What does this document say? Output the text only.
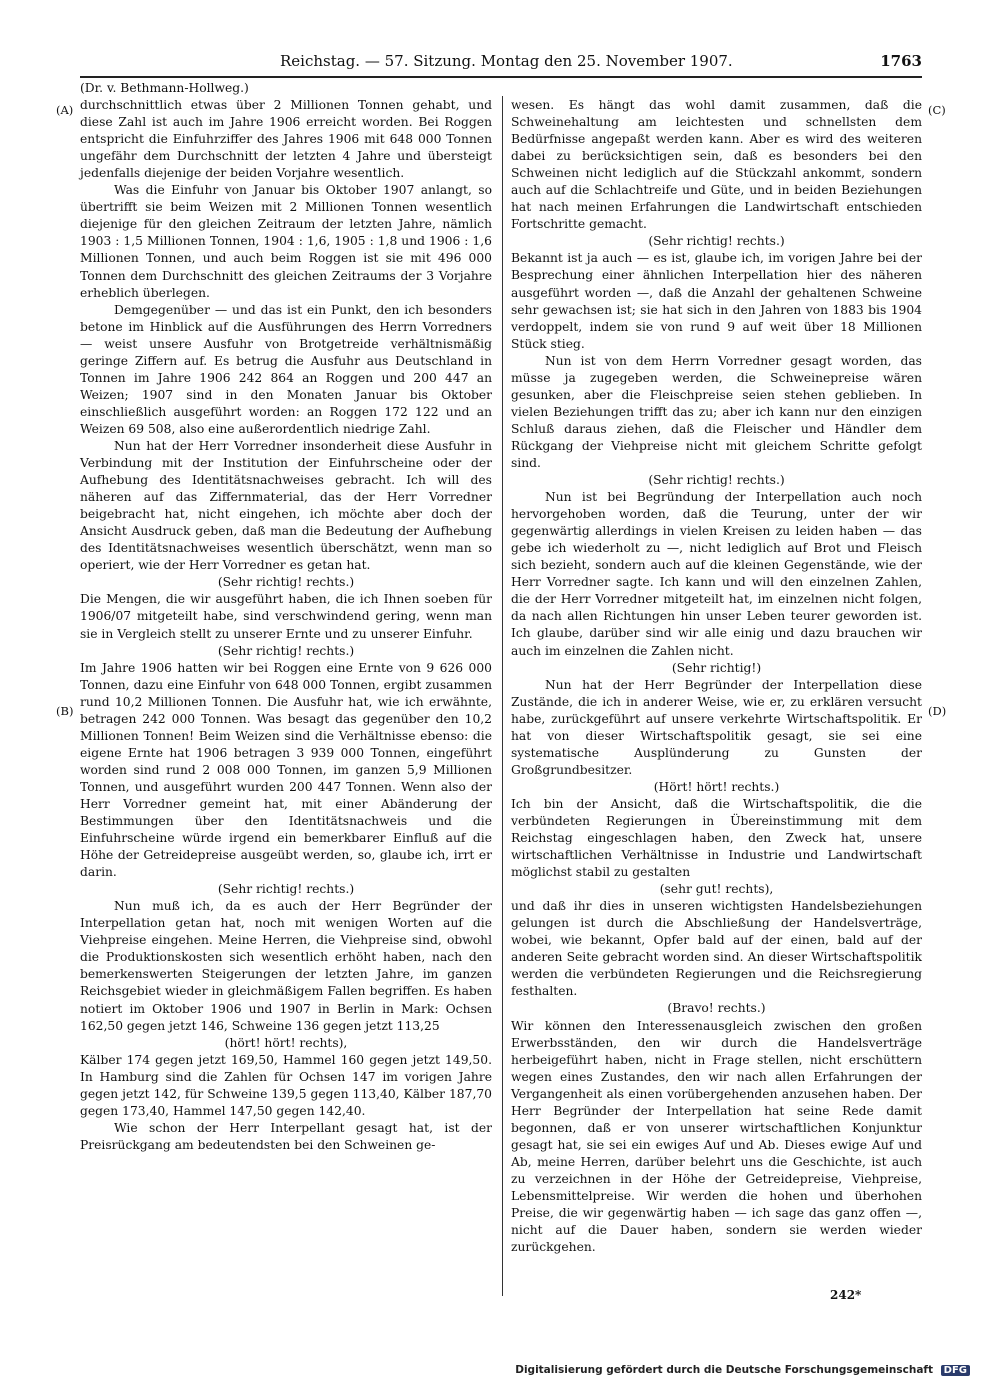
Reichstag. — 57. Sitzung. Montag den 25. November 1907.	1763
(A)
(B)
(C)
(D)

(Dr. v. Bethmann-Hollweg.)

durchschnittlich etwas über 2 Millionen Tonnen gehabt, und diese Zahl ist auch im Jahre 1906 erreicht worden. Bei Roggen entspricht die Einfuhrziffer des Jahres 1906 mit 648 000 Tonnen ungefähr dem Durchschnitt der letzten 4 Jahre und übersteigt jedenfalls diejenige der beiden Vorjahre wesentlich.

Was die Einfuhr von Januar bis Oktober 1907 anlangt, so übertrifft sie beim Weizen mit 2 Millionen Tonnen wesentlich diejenige für den gleichen Zeitraum der letzten Jahre, nämlich 1903 : 1,5 Millionen Tonnen, 1904 : 1,6, 1905 : 1,8 und 1906 : 1,6 Millionen Tonnen, und auch beim Roggen ist sie mit 496 000 Tonnen dem Durchschnitt des gleichen Zeitraums der 3 Vorjahre erheblich überlegen.

Demgegenüber — und das ist ein Punkt, den ich besonders betone im Hinblick auf die Ausführungen des Herrn Vorredners — weist unsere Ausfuhr von Brotgetreide verhältnismäßig geringe Ziffern auf. Es betrug die Ausfuhr aus Deutschland in Tonnen im Jahre 1906 242 864 an Roggen und 200 447 an Weizen; 1907 sind in den Monaten Januar bis Oktober einschließlich ausgeführt worden: an Roggen 172 122 und an Weizen 69 508, also eine außerordentlich niedrige Zahl.

Nun hat der Herr Vorredner insonderheit diese Ausfuhr in Verbindung mit der Institution der Einfuhrscheine oder der Aufhebung des Identitätsnachweises gebracht. Ich will des näheren auf das Ziffernmaterial, das der Herr Vorredner beigebracht hat, nicht eingehen, ich möchte aber doch der Ansicht Ausdruck geben, daß man die Bedeutung der Aufhebung des Identitätsnachweises wesentlich überschätzt, wenn man so operiert, wie der Herr Vorredner es getan hat.

(Sehr richtig! rechts.)

Die Mengen, die wir ausgeführt haben, die ich Ihnen soeben für 1906/07 mitgeteilt habe, sind verschwindend gering, wenn man sie in Vergleich stellt zu unserer Ernte und zu unserer Einfuhr.

(Sehr richtig! rechts.)

Im Jahre 1906 hatten wir bei Roggen eine Ernte von 9 626 000 Tonnen, dazu eine Einfuhr von 648 000 Tonnen, ergibt zusammen rund 10,2 Millionen Tonnen. Die Ausfuhr hat, wie ich erwähnte, betragen 242 000 Tonnen. Was besagt das gegenüber den 10,2 Millionen Tonnen! Beim Weizen sind die Verhältnisse ebenso: die eigene Ernte hat 1906 betragen 3 939 000 Tonnen, eingeführt worden sind rund 2 008 000 Tonnen, im ganzen 5,9 Millionen Tonnen, und ausgeführt wurden 200 447 Tonnen. Wenn also der Herr Vorredner gemeint hat, mit einer Abänderung der Bestimmungen über den Identitätsnachweis und die Einfuhrscheine würde irgend ein bemerkbarer Einfluß auf die Höhe der Getreidepreise ausgeübt werden, so, glaube ich, irrt er darin.

(Sehr richtig! rechts.)

Nun muß ich, da es auch der Herr Begründer der Interpellation getan hat, noch mit wenigen Worten auf die Viehpreise eingehen. Meine Herren, die Viehpreise sind, obwohl die Produktionskosten sich wesentlich erhöht haben, nach den bemerkenswerten Steigerungen der letzten Jahre, im ganzen Reichsgebiet wieder in gleichmäßigem Fallen begriffen. Es haben notiert im Oktober 1906 und 1907 in Berlin in Mark: Ochsen 162,50 gegen jetzt 146, Schweine 136 gegen jetzt 113,25

(hört! hört! rechts),

Kälber 174 gegen jetzt 169,50, Hammel 160 gegen jetzt 149,50. In Hamburg sind die Zahlen für Ochsen 147 im vorigen Jahre gegen jetzt 142, für Schweine 139,5 gegen 113,40, Kälber 187,70 gegen 173,40, Hammel 147,50 gegen 142,40.

Wie schon der Herr Interpellant gesagt hat, ist der Preisrückgang am bedeutendsten bei den Schweinen ge-

wesen. Es hängt das wohl damit zusammen, daß die Schweinehaltung am leichtesten und schnellsten dem Bedürfnisse angepaßt werden kann. Aber es wird des weiteren dabei zu berücksichtigen sein, daß es besonders bei den Schweinen nicht lediglich auf die Stückzahl ankommt, sondern auch auf die Schlachtreife und Güte, und in beiden Beziehungen hat nach meinen Erfahrungen die Landwirtschaft entschieden Fortschritte gemacht.

(Sehr richtig! rechts.)

Bekannt ist ja auch — es ist, glaube ich, im vorigen Jahre bei der Besprechung einer ähnlichen Interpellation hier des näheren ausgeführt worden —, daß die Anzahl der gehaltenen Schweine sehr gewachsen ist; sie hat sich in den Jahren von 1883 bis 1904 verdoppelt, indem sie von rund 9 auf weit über 18 Millionen Stück stieg.

Nun ist von dem Herrn Vorredner gesagt worden, das müsse ja zugegeben werden, die Schweinepreise wären gesunken, aber die Fleischpreise seien stehen geblieben. In vielen Beziehungen trifft das zu; aber ich kann nur den einzigen Schluß daraus ziehen, daß die Fleischer und Händler dem Rückgang der Viehpreise nicht mit gleichem Schritte gefolgt sind.

(Sehr richtig! rechts.)

Nun ist bei Begründung der Interpellation auch noch hervorgehoben worden, daß die Teurung, unter der wir gegenwärtig allerdings in vielen Kreisen zu leiden haben — das gebe ich wiederholt zu —, nicht lediglich auf Brot und Fleisch sich bezieht, sondern auch auf die kleinen Gegenstände, wie der Herr Vorredner sagte. Ich kann und will den einzelnen Zahlen, die der Herr Vorredner mitgeteilt hat, im einzelnen nicht folgen, da nach allen Richtungen hin unser Leben teurer geworden ist. Ich glaube, darüber sind wir alle einig und dazu brauchen wir auch im einzelnen die Zahlen nicht.

(Sehr richtig!)

Nun hat der Herr Begründer der Interpellation diese Zustände, die ich in anderer Weise, wie er, zu erklären versucht habe, zurückgeführt auf unsere verkehrte Wirtschaftspolitik. Er hat von dieser Wirtschaftspolitik gesagt, sie sei eine systematische Ausplünderung zu Gunsten der Großgrundbesitzer.

(Hört! hört! rechts.)

Ich bin der Ansicht, daß die Wirtschaftspolitik, die die verbündeten Regierungen in Übereinstimmung mit dem Reichstag eingeschlagen haben, den Zweck hat, unsere wirtschaftlichen Verhältnisse in Industrie und Landwirtschaft möglichst stabil zu gestalten

(sehr gut! rechts),

und daß ihr dies in unseren wichtigsten Handelsbeziehungen gelungen ist durch die Abschließung der Handelsverträge, wobei, wie bekannt, Opfer bald auf der einen, bald auf der anderen Seite gebracht worden sind. An dieser Wirtschaftspolitik werden die verbündeten Regierungen und die Reichsregierung festhalten.

(Bravo! rechts.)

Wir können den Interessenausgleich zwischen den großen Erwerbsständen, den wir durch die Handelsverträge herbeigeführt haben, nicht in Frage stellen, nicht erschüttern wegen eines Zustandes, den wir nach allen Erfahrungen der Vergangenheit als einen vorübergehenden anzusehen haben. Der Herr Begründer der Interpellation hat seine Rede damit begonnen, daß er von unserer wirtschaftlichen Konjunktur gesagt hat, sie sei ein ewiges Auf und Ab. Dieses ewige Auf und Ab, meine Herren, darüber belehrt uns die Geschichte, ist auch zu verzeichnen in der Höhe der Getreidepreise, Viehpreise, Lebensmittelpreise. Wir werden die hohen und überhohen Preise, die wir gegenwärtig haben — ich sage das ganz offen —, nicht auf die Dauer haben, sondern sie werden wieder zurückgehen.

242*
Digitalisierung gefördert durch die Deutsche Forschungsgemeinschaft DFG
